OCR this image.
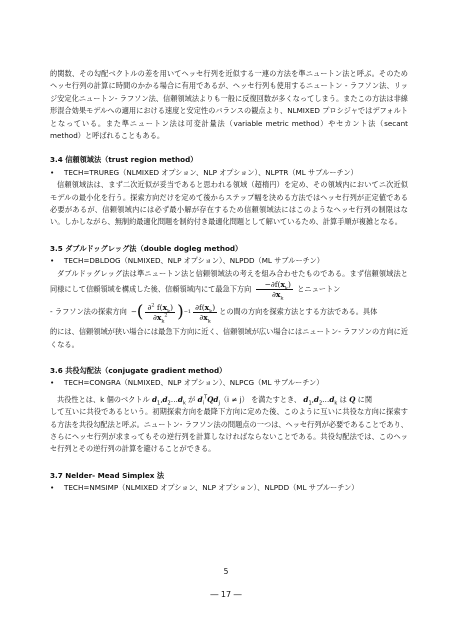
的関数、その勾配ベクトルの差を用いてヘッセ行列を近似する一連の方法を準ニュートン法と呼ぶ。そのためヘッセ行列の計算に時間のかかる場合に有用であるが、ヘッセ行列も使用するニュートン - ラフソン法、リッジ安定化ニュートン- ラフソン法、信頼領域法よりも一般に反復回数が多くなってしまう。またこの方法は非線形混合効果モデルへの適用における速度と安定性のバランスの観点より、NLMIXED プロシジャではデフォルトとなっている。また準ニュートン法は可変計量法（variable metric method）やセカント法（secant method）と呼ばれることもある。

3.4 信頼領域法（trust region method）

•	TECH=TRUREG（NLMIXED オプション、NLP オプション）、NLPTR（ML サブルーチン）

信頼領域法は、まず二次近似が妥当であると思われる領域（超楕円）を定め、その領域内においてニ次近似モデルの最小化を行う。探索方向だけを定めて後からステップ幅を決める方法ではヘッセ行列が正定値である必要があるが、信頼領域内には必ず最小解が存在するため信頼領域法にはこのようなヘッセ行列の制限はない。しかしながら、無制約最適化問題を制約付き最適化問題として解いているため、計算手順が複雑となる。

3.5 ダブルドッグレッグ法（double dogleg method）

•	TECH=DBLDOG（NLMIXED、NLP オプション）、NLPDD（ML サブルーチン）

ダブルドッグレッグ法は準ニュートン法と信頼領域法の考えを組み合わせたものである。まず信頼領域法と同様にして信頼領域を構成した後、信頼領域内にて最急下方向 $\frac{-\partial f(x_k)}{\partial x_k}$ とニュートン

- ラフソン法の探索方向 − ( $\frac{\partial^2 f(x_k)}{\partial x_k^2}$ ) $-1 \frac{\partial f(x_k)}{\partial x_k}$ との間の方向を探索方法とする方法である。具体

的には、信頼領域が狭い場合には最急下方向に近く、信頼領域が広い場合にはニュートン- ラフソンの方向に近くなる。

3.6 共役勾配法（conjugate gradient method）

•	TECH=CONGRA（NLMIXED、NLP オプション）、NLPCG（ML サブルーチン）

共役性とは、k 個のベクトル $d_1,d_2\dots d_k$ が $d_i^TQd_j(i \ne j)$ を満たすとき、 $d_1,d_2\dots d_k$ は Q に関

して互いに共役であるという。初期探索方向を最降下方向に定めた後、このように互いに共役な方向に探索する方法を共役勾配法と呼ぶ。ニュートン- ラフソン法の問題点の一つは、ヘッセ行列が必要であることであり、さらにヘッセ行列が求まってもその逆行列を計算しなければならないことである。共役勾配法では、このヘッセ行列とその逆行列の計算を避けることができる。

3.7 Nelder- Mead Simplex 法

•	TECH=NMSIMP（NLMIXED オプション、NLP オプション）、NLPDD（ML サブルーチン）
5
― 17 ―
